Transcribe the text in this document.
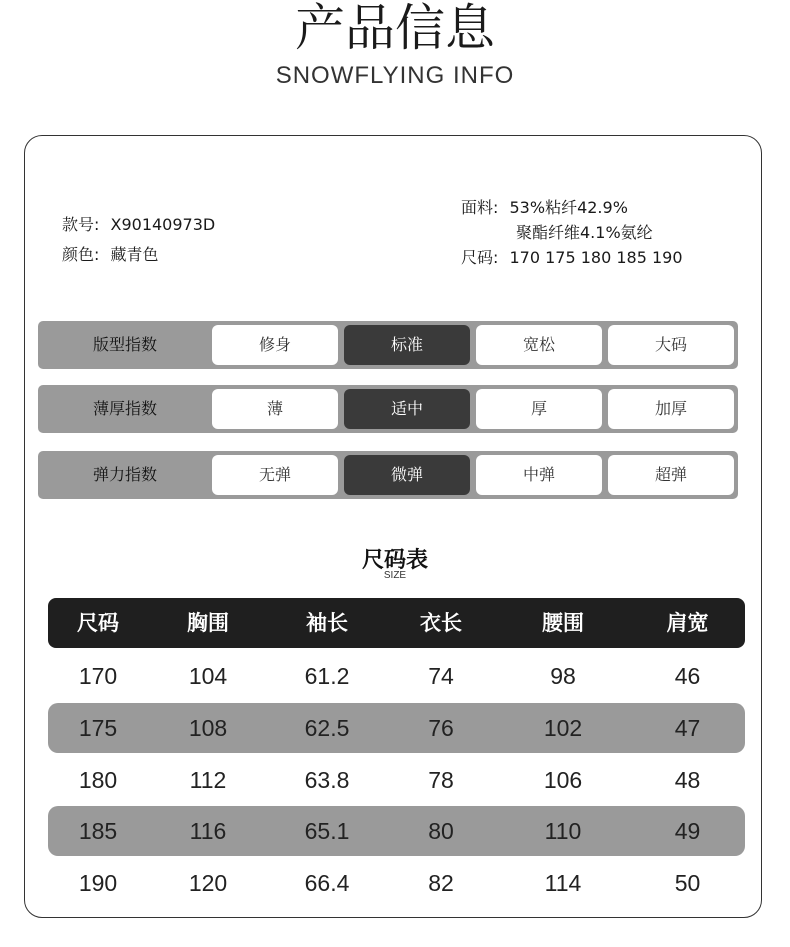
产品信息
SNOWFLYING INFO
款号: X90140973D
颜色: 藏青色
面料: 53%粘纤42.9%
聚酯纤维4.1%氨纶
尺码: 170 175 180 185 190
版型指数	修身	标准	宽松	大码
薄厚指数	薄	适中	厚	加厚
弹力指数	无弹	微弹	中弹	超弹
尺码表
SIZE
尺码	胸围	袖长	衣长	腰围	肩宽
170	104	61.2	74	98	46
175	108	62.5	76	102	47
180	112	63.8	78	106	48
185	116	65.1	80	110	49
190	120	66.4	82	114	50
